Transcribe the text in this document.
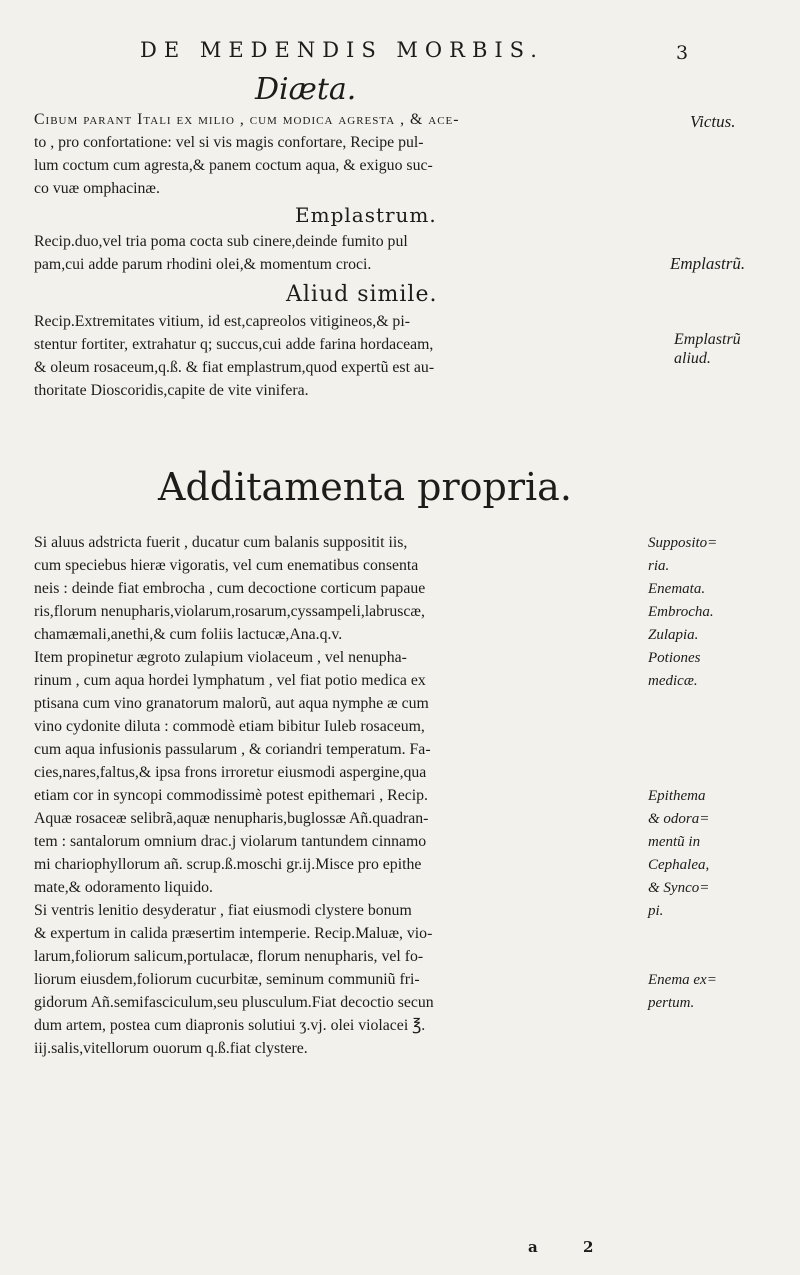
DE MEDENDIS MORBIS.	3
Diæta.
Cibum parant Itali ex milio , cum modica agresta , & ace-
to , pro confortatione: vel si vis magis confortare, Recipe pul-
lum coctum cum agresta,& panem coctum aqua, & exiguo suc-
co vuæ omphacinæ.
Victus.
Emplastrum.
Recip.duo,vel tria poma cocta sub cinere,deinde fumito pul
pam,cui adde parum rhodini olei,& momentum croci.	Emplastrũ.
Aliud simile.
Recip.Extremitates vitium, id est,capreolos vitigineos,& pi-
stentur fortiter, extrahatur q; succus,cui adde farina hordaceam,
& oleum rosaceum,q.ß. & fiat emplastrum,quod expertũ est au-
thoritate Dioscoridis,capite de vite vinifera.
Emplastrũ
aliud.
Additamenta propria.
Si aluus adstricta fuerit , ducatur cum balanis suppositit iis,
cum speciebus hieræ vigoratis, vel cum enematibus consenta
neis : deinde fiat embrocha , cum decoctione corticum papaue
ris,florum nenupharis,violarum,rosarum,cyssampeli,labruscæ,
chamæmali,anethi,& cum foliis lactucæ,Ana.q.v.
Item propinetur ægroto zulapium violaceum , vel nenupha-
rinum , cum aqua hordei lymphatum , vel fiat potio medica ex
ptisana cum vino granatorum malorũ, aut aqua nymphe æ cum
vino cydonite diluta : commodè etiam bibitur Iuleb rosaceum,
cum aqua infusionis passularum , & coriandri temperatum. Fa-
cies,nares,faltus,& ipsa frons irroretur eiusmodi aspergine,qua
etiam cor in syncopi commodissimè potest epithemari , Recip.
Aquæ rosaceæ selibrã,aquæ nenupharis,buglossæ Añ.quadran-
tem : santalorum omnium drac.j violarum tantundem cinnamo
mi chariophyllorum añ. scrup.ß.moschi gr.ij.Misce pro epithe
mate,& odoramento liquido.
Si ventris lenitio desyderatur , fiat eiusmodi clystere bonum
& expertum in calida præsertim intemperie. Recip.Maluæ, vio-
larum,foliorum salicum,portulacæ, florum nenupharis, vel fo-
liorum eiusdem,foliorum cucurbitæ, seminum communiũ fri-
gidorum Añ.semifasciculum,seu plusculum.Fiat decoctio secun
dum artem, postea cum diapronis solutiui ʒ.vj. olei violacei ℥.
iij.salis,vitellorum ouorum q.ß.fiat clystere.
Supposito=
ria.
Enemata.
Embrocha.
Zulapia.
Potiones
medicæ.
Epithema
& odora=
mentũ in
Cephalea,
& Synco=
pi.
Enema ex=
pertum.
a 2
